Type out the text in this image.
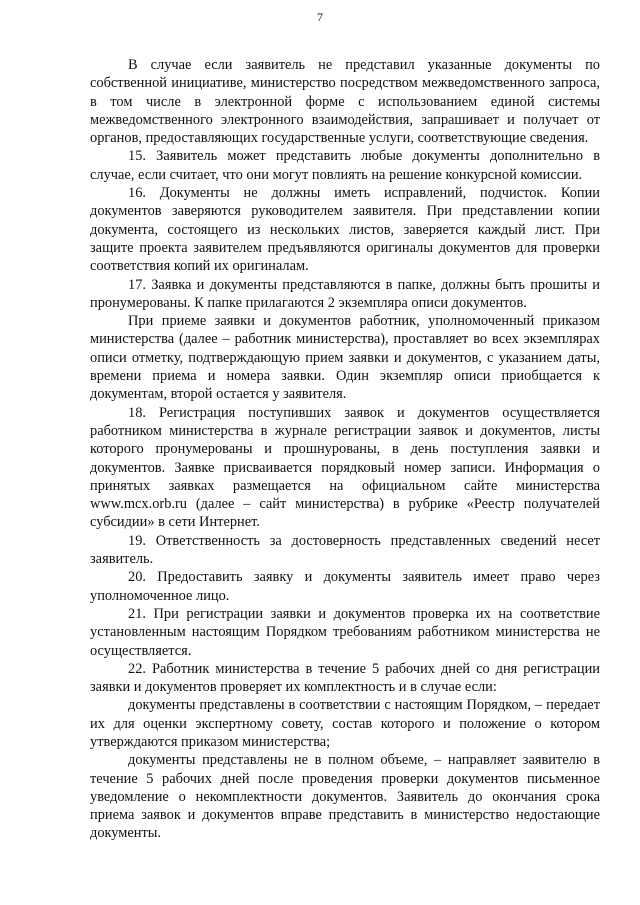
7

В случае если заявитель не представил указанные документы по собственной инициативе, министерство посредством межведомственного запроса, в том числе в электронной форме с использованием единой системы межведомственного электронного взаимодействия, запрашивает и получает от органов, предоставляющих государственные услуги, соответствующие сведения.

15. Заявитель может представить любые документы дополнительно в случае, если считает, что они могут повлиять на решение конкурсной комиссии.

16. Документы не должны иметь исправлений, подчисток. Копии документов заверяются руководителем заявителя. При представлении копии документа, состоящего из нескольких листов, заверяется каждый лист. При защите проекта заявителем предъявляются оригиналы документов для проверки соответствия копий их оригиналам.

17. Заявка и документы представляются в папке, должны быть прошиты и пронумерованы. К папке прилагаются 2 экземпляра описи документов.

При приеме заявки и документов работник, уполномоченный приказом министерства (далее – работник министерства), проставляет во всех экземплярах описи отметку, подтверждающую прием заявки и документов, с указанием даты, времени приема и номера заявки. Один экземпляр описи приобщается к документам, второй остается у заявителя.

18. Регистрация поступивших заявок и документов осуществляется работником министерства в журнале регистрации заявок и документов, листы которого пронумерованы и прошнурованы, в день поступления заявки и документов. Заявке присваивается порядковый номер записи. Информация о принятых заявках размещается на официальном сайте министерства www.mcx.orb.ru (далее – сайт министерства) в рубрике «Реестр получателей субсидии» в сети Интернет.

19. Ответственность за достоверность представленных сведений несет заявитель.

20. Предоставить заявку и документы заявитель имеет право через уполномоченное лицо.

21. При регистрации заявки и документов проверка их на соответствие установленным настоящим Порядком требованиям работником министерства не осуществляется.

22. Работник министерства в течение 5 рабочих дней со дня регистрации заявки и документов проверяет их комплектность и в случае если:

документы представлены в соответствии с настоящим Порядком, – передает их для оценки экспертному совету, состав которого и положение о котором утверждаются приказом министерства;

документы представлены не в полном объеме, – направляет заявителю в течение 5 рабочих дней после проведения проверки документов письменное уведомление о некомплектности документов. Заявитель до окончания срока приема заявок и документов вправе представить в министерство недостающие документы.
